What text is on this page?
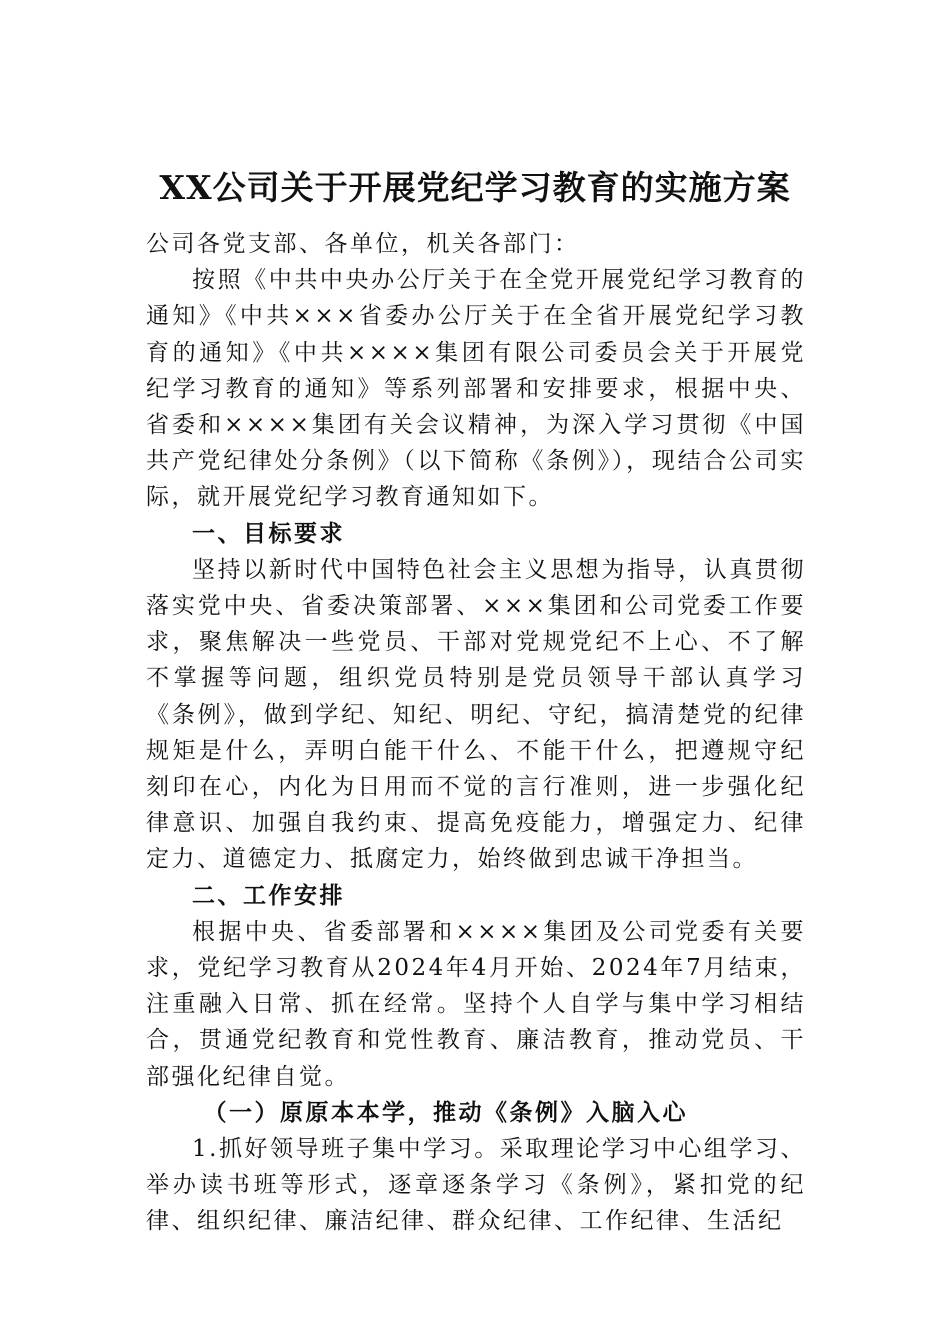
XX公司关于开展党纪学习教育的实施方案

公司各党支部、各单位，机关各部门：

按照《中共中央办公厅关于在全党开展党纪学习教育的通知》《中共×××省委办公厅关于在全省开展党纪学习教育的通知》《中共××××集团有限公司委员会关于开展党纪学习教育的通知》等系列部署和安排要求，根据中央、省委和××××集团有关会议精神，为深入学习贯彻《中国共产党纪律处分条例》（以下简称《条例》），现结合公司实际，就开展党纪学习教育通知如下。

一、目标要求

坚持以新时代中国特色社会主义思想为指导，认真贯彻落实党中央、省委决策部署、×××集团和公司党委工作要求，聚焦解决一些党员、干部对党规党纪不上心、不了解不掌握等问题，组织党员特别是党员领导干部认真学习《条例》，做到学纪、知纪、明纪、守纪，搞清楚党的纪律规矩是什么，弄明白能干什么、不能干什么，把遵规守纪刻印在心，内化为日用而不觉的言行准则，进一步强化纪律意识、加强自我约束、提高免疫能力，增强定力、纪律定力、道德定力、抵腐定力，始终做到忠诚干净担当。

二、工作安排

根据中央、省委部署和××××集团及公司党委有关要求，党纪学习教育从2024年4月开始、2024年7月结束，注重融入日常、抓在经常。坚持个人自学与集中学习相结合，贯通党纪教育和党性教育、廉洁教育，推动党员、干部强化纪律自觉。

（一）原原本本学，推动《条例》入脑入心

1.抓好领导班子集中学习。采取理论学习中心组学习、举办读书班等形式，逐章逐条学习《条例》，紧扣党的纪律、组织纪律、廉洁纪律、群众纪律、工作纪律、生活纪
